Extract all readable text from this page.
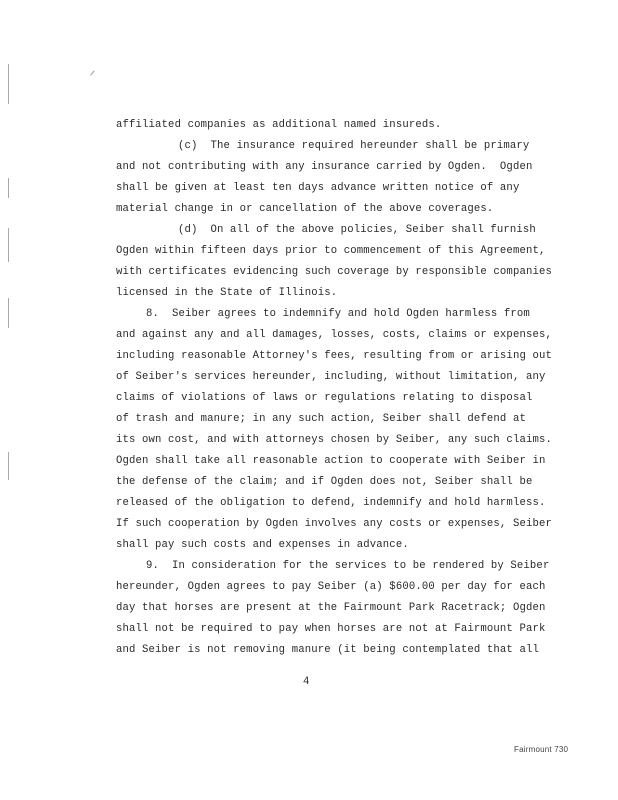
affiliated companies as additional named insureds.
(c)  The insurance required hereunder shall be primary
and not contributing with any insurance carried by Ogden.  Ogden
shall be given at least ten days advance written notice of any
material change in or cancellation of the above coverages.
(d)  On all of the above policies, Seiber shall furnish
Ogden within fifteen days prior to commencement of this Agreement,
with certificates evidencing such coverage by responsible companies
licensed in the State of Illinois.
8.  Seiber agrees to indemnify and hold Ogden harmless from
and against any and all damages, losses, costs, claims or expenses,
including reasonable Attorney's fees, resulting from or arising out
of Seiber's services hereunder, including, without limitation, any
claims of violations of laws or regulations relating to disposal
of trash and manure; in any such action, Seiber shall defend at
its own cost, and with attorneys chosen by Seiber, any such claims.
Ogden shall take all reasonable action to cooperate with Seiber in
the defense of the claim; and if Ogden does not, Seiber shall be
released of the obligation to defend, indemnify and hold harmless.
If such cooperation by Ogden involves any costs or expenses, Seiber
shall pay such costs and expenses in advance.
9.  In consideration for the services to be rendered by Seiber
hereunder, Ogden agrees to pay Seiber (a) $600.00 per day for each
day that horses are present at the Fairmount Park Racetrack; Ogden
shall not be required to pay when horses are not at Fairmount Park
and Seiber is not removing manure (it being contemplated that all
4
Fairmount 730
